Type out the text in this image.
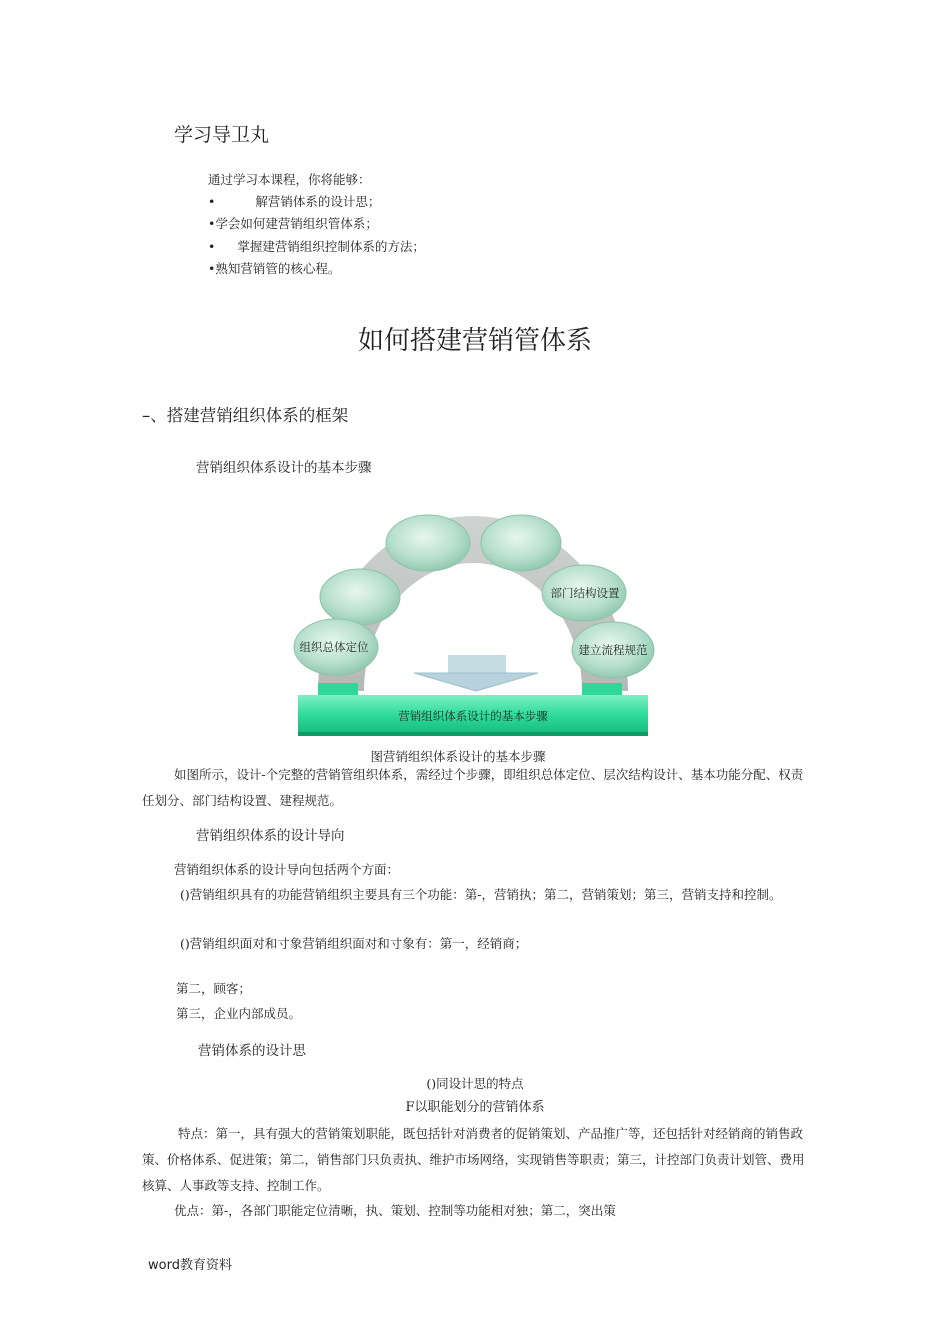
学习导卫丸
通过学习本课程，你将能够：
•	解营销体系的设计思；
•学会如何建营销组织管体系；
• 掌握建营销组织控制体系的方法；
•熟知营销管的核心程。
如何搭建营销管体系
–、搭建营销组织体系的框架
营销组织体系设计的基本步骤
营销组织体系设计的基本步骤
组织总体定位
部门结构设置
建立流程规范
图营销组织体系设计的基本步骤
如图所示，设计-个完整的营销管组织体系，需经过个步骤，即组织总体定位、层次结构设计、基本功能分配、权责任划分、部门结构设置、建程规范。
营销组织体系的设计导向
营销组织体系的设计导向包括两个方面：
()营销组织具有的功能营销组织主要具有三个功能：第-，营销执；第二，营销策划；第三，营销支持和控制。
()营销组织面对和寸象营销组织面对和寸象有：第一，经销商；
第二，顾客；
第三，企业内部成员。
营销体系的设计思
()同设计思的特点
F以职能划分的营销体系
特点：第一，具有强大的营销策划职能，既包括针对消费者的促销策划、产品推广等，还包括针对经销商的销售政策、价格体系、促进策；第二，销售部门只负责执、维护市场网络，实现销售等职责；第三，计控部门负责计划管、费用核算、人事政等支持、控制工作。
优点：第-，各部门职能定位清晰，执、策划、控制等功能相对独；第二，突出策
word教育资料
